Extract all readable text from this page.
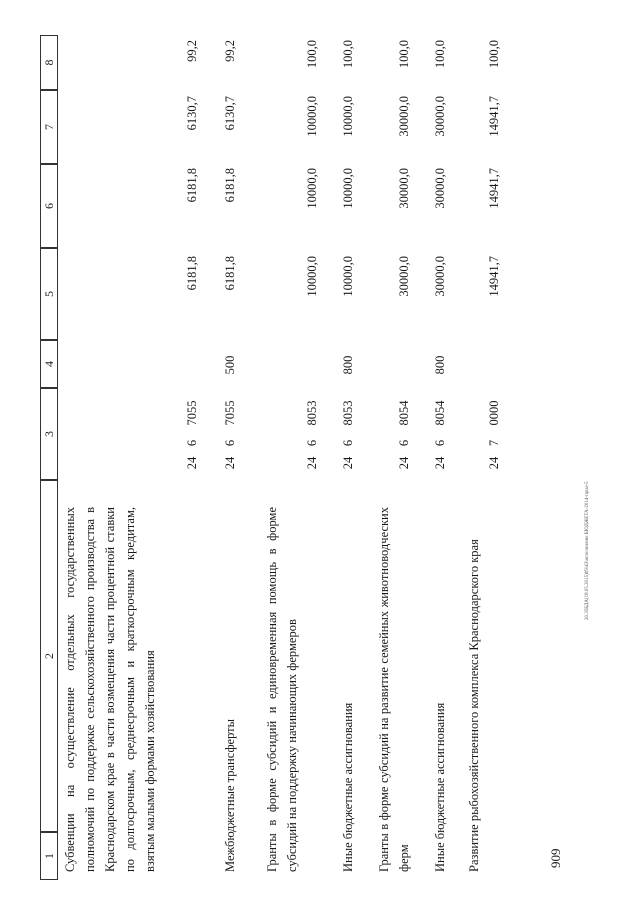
1
2
3
4
5
6
7
8
Субвенции на осуществление отдельных государственных полномочий по поддержке сельскохозяйственного производства в Краснодарском крае в части возмещения части процентной ставки по долгосрочным, среднесрочным и краткосрочным кредитам, взятым малыми формами хозяйствования
24
6
7055
6181,8
6181,8
6130,7
99,2
Межбюджетные трансферты
24
6
7055
500
6181,8
6181,8
6130,7
99,2
Гранты в форме субсидий и единовременная помощь в форме субсидий на поддержку начинающих фермеров
24
6
8053
10000,0
10000,0
10000,0
100,0
Иные бюджетные ассигнования
24
6
8053
800
10000,0
10000,0
10000,0
100,0
Гранты в форме субсидий на развитие семейных животноводческих ферм
24
6
8054
30000,0
30000,0
30000,0
100,0
Иные бюджетные ассигнования
24
6
8054
800
30000,0
30000,0
30000,0
100,0
Развитие рыбохозяйственного комплекса Краснодарского края
24
7
0000
14941,7
14941,7
14941,7
100,0
20.35БДА(18.05.2015)09\43\исполнение БЮДЖЕТА-2014-прил-5
909
